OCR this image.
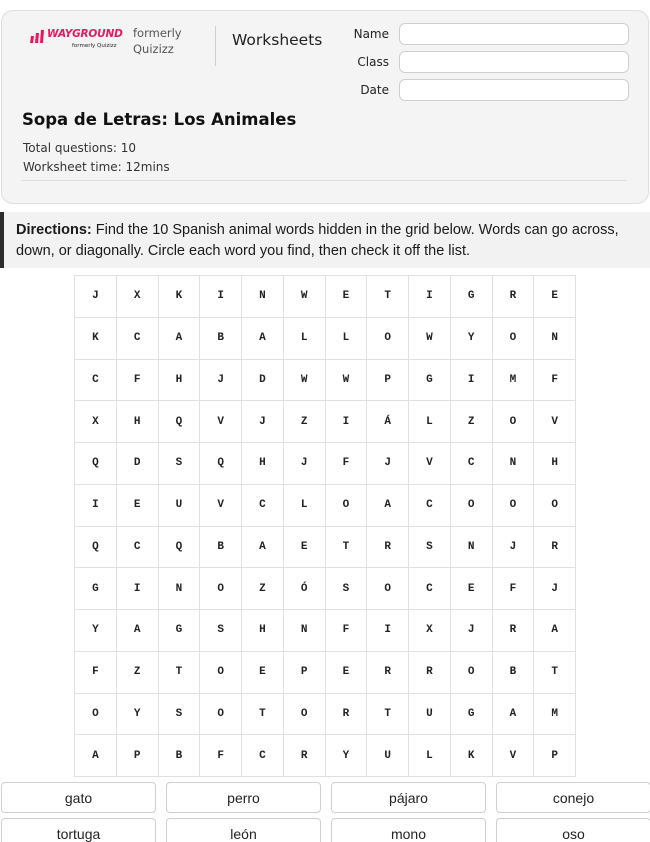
WAYGROUND
formerly Quizizz
formerly Quizizz	Worksheets	Name
Class
Date
Sopa de Letras: Los Animales
Total questions: 10
Worksheet time: 12mins
Directions: Find the 10 Spanish animal words hidden in the grid below. Words can go across, down, or diagonally. Circle each word you find, then check it off the list.
J	X	K	I	N	W	E	T	I	G	R	E
K	C	A	B	A	L	L	O	W	Y	O	N
C	F	H	J	D	W	W	P	G	I	M	F
X	H	Q	V	J	Z	I	Á	L	Z	O	V
Q	D	S	Q	H	J	F	J	V	C	N	H
I	E	U	V	C	L	O	A	C	O	O	O
Q	C	Q	B	A	E	T	R	S	N	J	R
G	I	N	O	Z	Ó	S	O	C	E	F	J
Y	A	G	S	H	N	F	I	X	J	R	A
F	Z	T	O	E	P	E	R	R	O	B	T
O	Y	S	O	T	O	R	T	U	G	A	M
A	P	B	F	C	R	Y	U	L	K	V	P
gato	perro	pájaro	conejo
tortuga	león	mono	oso
